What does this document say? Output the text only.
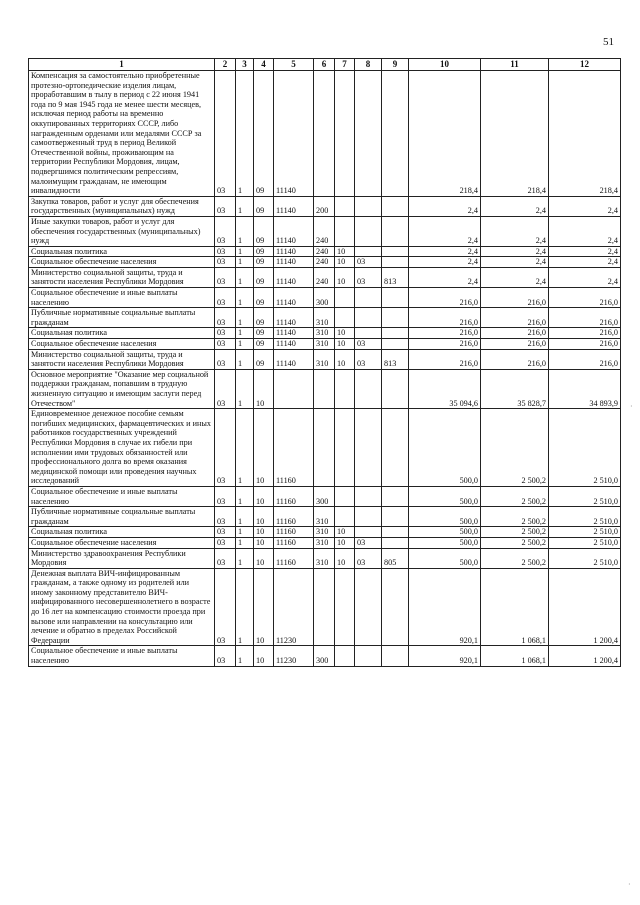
51
1	2	3	4	5	6	7	8	9	10	11	12
Компенсация за самостоятельно приобретенные протезно-ортопедические изделия лицам, проработавшим в тылу в период с 22 июня 1941 года по 9 мая 1945 года не менее шести месяцев, исключая период работы на временно оккупированных территориях СССР, либо награжденным орденами или медалями СССР за самоотверженный труд в период Великой Отечественной войны, проживающим на территории Республики Мордовия, лицам, подвергшимся политическим репрессиям, малоимущим гражданам, не имеющим инвалидности	03	1	09	11140					218,4	218,4	218,4
Закупка товаров, работ и услуг для обеспечения государственных (муниципальных) нужд	03	1	09	11140	200				2,4	2,4	2,4
Иные закупки товаров, работ и услуг для обеспечения государственных (муниципальных) нужд	03	1	09	11140	240				2,4	2,4	2,4
Социальная политика	03	1	09	11140	240	10			2,4	2,4	2,4
Социальное обеспечение населения	03	1	09	11140	240	10	03		2,4	2,4	2,4
Министерство социальной защиты, труда и занятости населения Республики Мордовия	03	1	09	11140	240	10	03	813	2,4	2,4	2,4
Социальное обеспечение и иные выплаты населению	03	1	09	11140	300				216,0	216,0	216,0
Публичные нормативные социальные выплаты гражданам	03	1	09	11140	310				216,0	216,0	216,0
Социальная политика	03	1	09	11140	310	10			216,0	216,0	216,0
Социальное обеспечение населения	03	1	09	11140	310	10	03		216,0	216,0	216,0
Министерство социальной защиты, труда и занятости населения Республики Мордовия	03	1	09	11140	310	10	03	813	216,0	216,0	216,0
Основное мероприятие "Оказание мер социальной поддержки гражданам, попавшим в трудную жизненную ситуацию и имеющим заслуги перед Отечеством"	03	1	10						35 094,6	35 828,7	34 893,9
Единовременное денежное пособие семьям погибших медицинских, фармацевтических и иных работников государственных учреждений Республики Мордовия в случае их гибели при исполнении ими трудовых обязанностей или профессионального долга во время оказания медицинской помощи или проведения научных исследований	03	1	10	11160					500,0	2 500,2	2 510,0
Социальное обеспечение и иные выплаты населению	03	1	10	11160	300				500,0	2 500,2	2 510,0
Публичные нормативные социальные выплаты гражданам	03	1	10	11160	310				500,0	2 500,2	2 510,0
Социальная политика	03	1	10	11160	310	10			500,0	2 500,2	2 510,0
Социальное обеспечение населения	03	1	10	11160	310	10	03		500,0	2 500,2	2 510,0
Министерство здравоохранения Республики Мордовия	03	1	10	11160	310	10	03	805	500,0	2 500,2	2 510,0
Денежная выплата ВИЧ-инфицированным гражданам, а также одному из родителей или иному законному представителю ВИЧ-инфицированного несовершеннолетнего в возрасте до 16 лет на компенсацию стоимости проезда при вызове или направлении на консультацию или лечение и обратно в пределах Российской Федерации	03	1	10	11230					920,1	1 068,1	1 200,4
Социальное обеспечение и иные выплаты населению	03	1	10	11230	300				920,1	1 068,1	1 200,4
·
·
